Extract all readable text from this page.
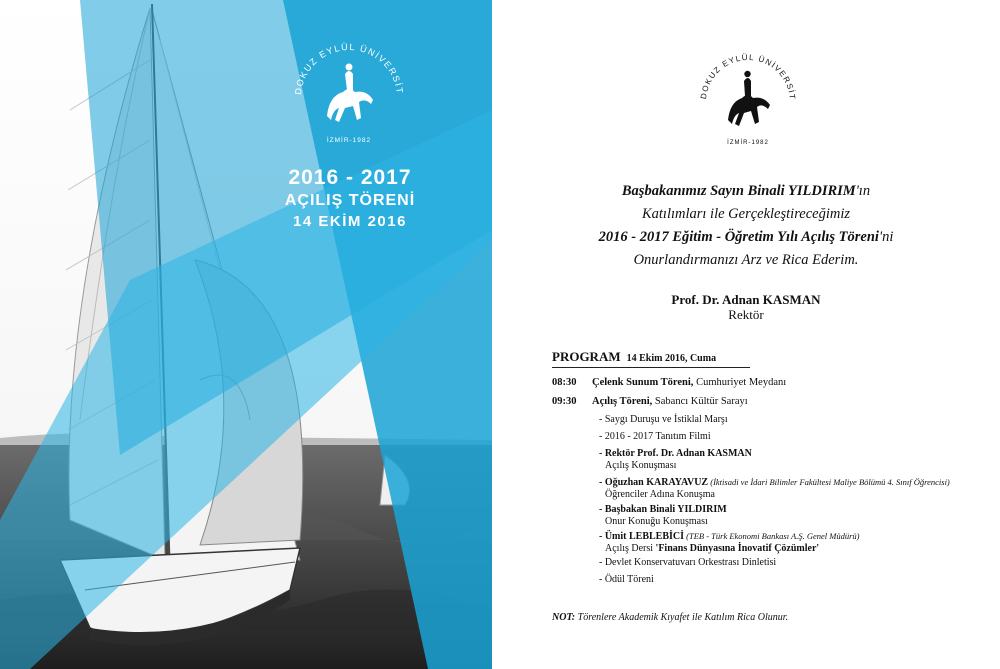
DOKUZ EYLÜL ÜNİVERSİT
İZMİR-1982
2016 - 2017
AÇILIŞ TÖRENİ
14 EKİM 2016
DOKUZ EYLÜL ÜNİVERSİT
İZMİR-1982
Başbakanımız Sayın Binali YILDIRIM'ın
Katılımları ile Gerçekleştireceğimiz
2016 - 2017 Eğitim - Öğretim Yılı Açılış Töreni'ni
Onurlandırmanızı Arz ve Rica Ederim.
Prof. Dr. Adnan KASMAN
Rektör
PROGRAM 14 Ekim 2016, Cuma
08:30 Çelenk Sunum Töreni, Cumhuriyet Meydanı
09:30 Açılış Töreni, Sabancı Kültür Sarayı
- Saygı Duruşu ve İstiklal Marşı
- 2016 - 2017 Tanıtım Filmi
- Rektör Prof. Dr. Adnan KASMAN
Açılış Konuşması
- Oğuzhan KARAYAVUZ (İktisadi ve İdari Bilimler Fakültesi Maliye Bölümü 4. Sınıf Öğrencisi)
Öğrenciler Adına Konuşma
- Başbakan Binali YILDIRIM
Onur Konuğu Konuşması
- Ümit LEBLEBİCİ (TEB - Türk Ekonomi Bankası A.Ş. Genel Müdürü)
Açılış Dersi 'Finans Dünyasına İnovatif Çözümler'
- Devlet Konservatuvarı Orkestrası Dinletisi
- Ödül Töreni
NOT: Törenlere Akademik Kıyafet ile Katılım Rica Olunur.
